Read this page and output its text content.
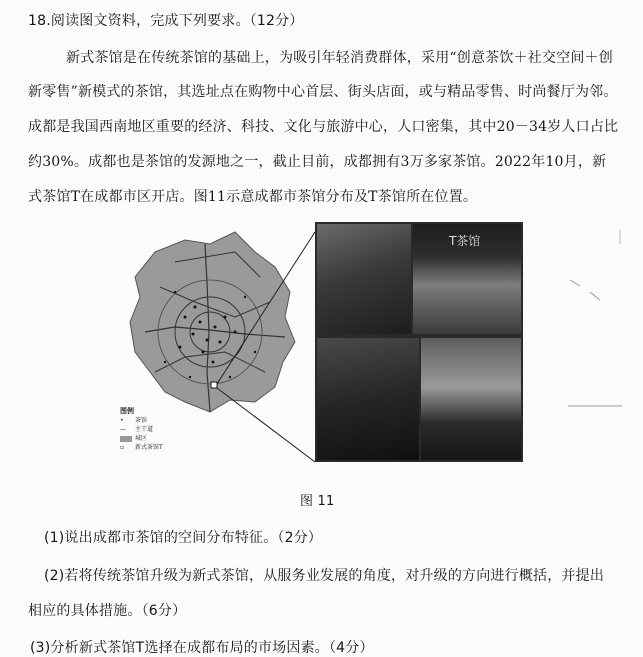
18.阅读图文资料，完成下列要求。（12分）
新式茶馆是在传统茶馆的基础上，为吸引年轻消费群体，采用“创意茶饮＋社交空间＋创
新零售”新模式的茶馆，其选址点在购物中心首层、街头店面，或与精品零售、时尚餐厅为邻。
成都是我国西南地区重要的经济、科技、文化与旅游中心，人口密集，其中20－34岁人口占比
约30%。成都也是茶馆的发源地之一，截止目前，成都拥有3万多家茶馆。2022年10月，新
式茶馆T在成都市区开店。图11示意成都市茶馆分布及T茶馆所在位置。
图例
•	茶馆
—	主干道
城区
▫	新式茶馆T
T茶馆
图 11
(1)说出成都市茶馆的空间分布特征。（2分）
(2)若将传统茶馆升级为新式茶馆，从服务业发展的角度，对升级的方向进行概括，并提出
相应的具体措施。（6分）
(3)分析新式茶馆T选择在成都布局的市场因素。（4分）
